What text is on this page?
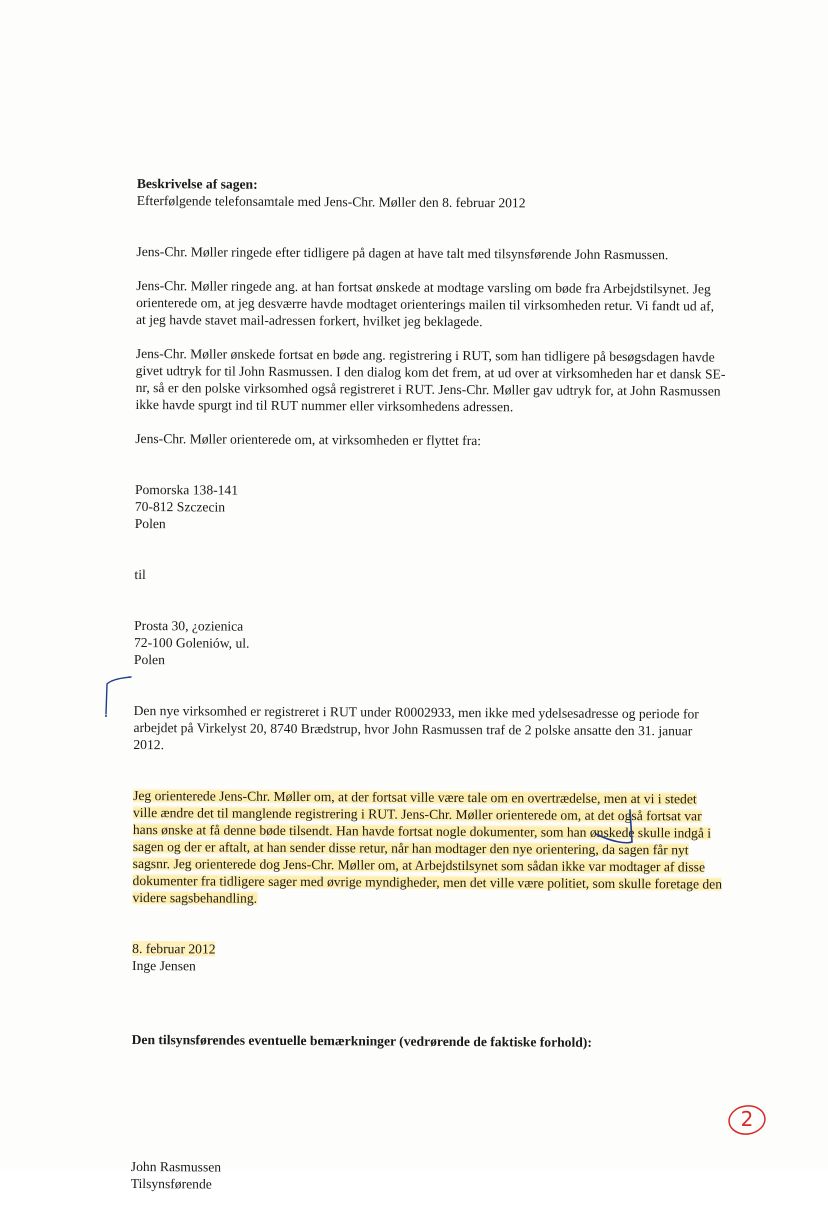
Beskrivelse af sagen:
Efterfølgende telefonsamtale med Jens-Chr. Møller den 8. februar 2012

Jens-Chr. Møller ringede efter tidligere på dagen at have talt med tilsynsførende John Rasmussen.

Jens-Chr. Møller ringede ang. at han fortsat ønskede at modtage varsling om bøde fra Arbejdstilsynet. Jeg orienterede om, at jeg desværre havde modtaget orienterings mailen til virksomheden retur. Vi fandt ud af, at jeg havde stavet mail-adressen forkert, hvilket jeg beklagede.

Jens-Chr. Møller ønskede fortsat en bøde ang. registrering i RUT, som han tidligere på besøgsdagen havde givet udtryk for til John Rasmussen. I den dialog kom det frem, at ud over at virksomheden har et dansk SE-nr, så er den polske virksomhed også registreret i RUT. Jens-Chr. Møller gav udtryk for, at John Rasmussen ikke havde spurgt ind til RUT nummer eller virksomhedens adressen.

Jens-Chr. Møller orienterede om, at virksomheden er flyttet fra:

Pomorska 138-141
70-812 Szczecin
Polen

til

Prosta 30, ¿ozienica
72-100 Goleniów, ul.
Polen

Den nye virksomhed er registreret i RUT under R0002933, men ikke med ydelsesadresse og periode for arbejdet på Virkelyst 20, 8740 Brædstrup, hvor John Rasmussen traf de 2 polske ansatte den 31. januar 2012.

Jeg orienterede Jens-Chr. Møller om, at der fortsat ville være tale om en overtrædelse, men at vi i stedet ville ændre det til manglende registrering i RUT. Jens-Chr. Møller orienterede om, at det også fortsat var hans ønske at få denne bøde tilsendt. Han havde fortsat nogle dokumenter, som han ønskede skulle indgå i sagen og der er aftalt, at han sender disse retur, når han modtager den nye orientering, da sagen får nyt sagsnr. Jeg orienterede dog Jens-Chr. Møller om, at Arbejdstilsynet som sådan ikke var modtager af disse dokumenter fra tidligere sager med øvrige myndigheder, men det ville være politiet, som skulle foretage den videre sagsbehandling.

8. februar 2012
Inge Jensen

Den tilsynsførendes eventuelle bemærkninger (vedrørende de faktiske forhold):

John Rasmussen
Tilsynsførende

2
